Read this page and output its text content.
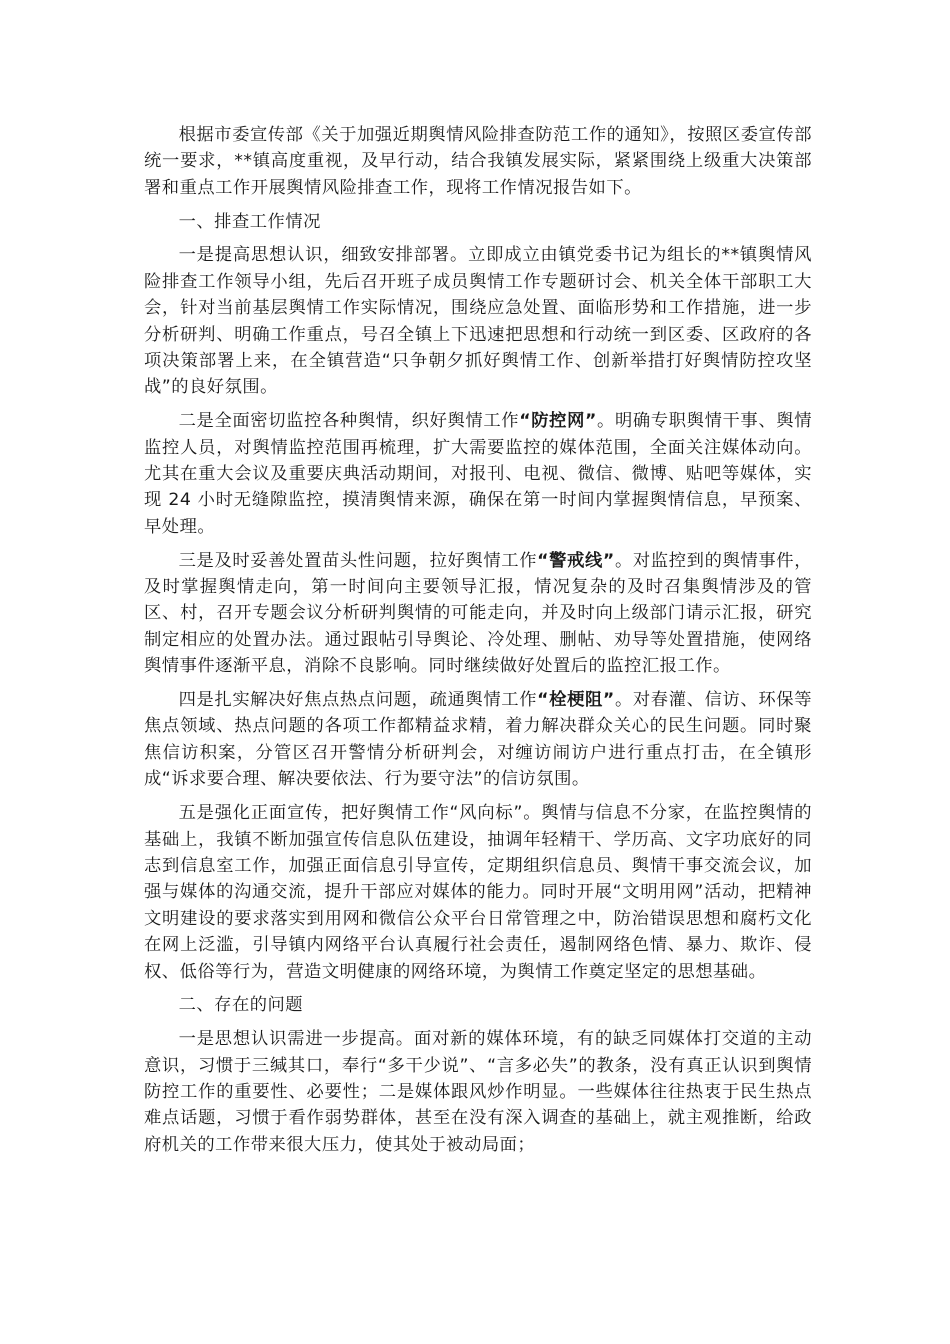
根据市委宣传部《关于加强近期舆情风险排查防范工作的通知》，按照区委宣传部统一要求，**镇高度重视，及早行动，结合我镇发展实际，紧紧围绕上级重大决策部署和重点工作开展舆情风险排查工作，现将工作情况报告如下。

一、排查工作情况

一是提高思想认识，细致安排部署。立即成立由镇党委书记为组长的**镇舆情风险排查工作领导小组，先后召开班子成员舆情工作专题研讨会、机关全体干部职工大会，针对当前基层舆情工作实际情况，围绕应急处置、面临形势和工作措施，进一步分析研判、明确工作重点，号召全镇上下迅速把思想和行动统一到区委、区政府的各项决策部署上来，在全镇营造“只争朝夕抓好舆情工作、创新举措打好舆情防控攻坚战”的良好氛围。

二是全面密切监控各种舆情，织好舆情工作“防控网”。明确专职舆情干事、舆情监控人员，对舆情监控范围再梳理，扩大需要监控的媒体范围，全面关注媒体动向。尤其在重大会议及重要庆典活动期间，对报刊、电视、微信、微博、贴吧等媒体，实现 24 小时无缝隙监控，摸清舆情来源，确保在第一时间内掌握舆情信息，早预案、早处理。

三是及时妥善处置苗头性问题，拉好舆情工作“警戒线”。对监控到的舆情事件，及时掌握舆情走向，第一时间向主要领导汇报，情况复杂的及时召集舆情涉及的管区、村，召开专题会议分析研判舆情的可能走向，并及时向上级部门请示汇报，研究制定相应的处置办法。通过跟帖引导舆论、冷处理、删帖、劝导等处置措施，使网络舆情事件逐渐平息，消除不良影响。同时继续做好处置后的监控汇报工作。

四是扎实解决好焦点热点问题，疏通舆情工作“栓梗阻”。对春灌、信访、环保等焦点领域、热点问题的各项工作都精益求精，着力解决群众关心的民生问题。同时聚焦信访积案，分管区召开警情分析研判会，对缠访闹访户进行重点打击，在全镇形成“诉求要合理、解决要依法、行为要守法”的信访氛围。

五是强化正面宣传，把好舆情工作“风向标”。舆情与信息不分家，在监控舆情的基础上，我镇不断加强宣传信息队伍建设，抽调年轻精干、学历高、文字功底好的同志到信息室工作，加强正面信息引导宣传，定期组织信息员、舆情干事交流会议，加强与媒体的沟通交流，提升干部应对媒体的能力。同时开展“文明用网”活动，把精神文明建设的要求落实到用网和微信公众平台日常管理之中，防治错误思想和腐朽文化在网上泛滥，引导镇内网络平台认真履行社会责任，遏制网络色情、暴力、欺诈、侵权、低俗等行为，营造文明健康的网络环境，为舆情工作奠定坚定的思想基础。

二、存在的问题

一是思想认识需进一步提高。面对新的媒体环境，有的缺乏同媒体打交道的主动意识，习惯于三缄其口，奉行“多干少说”、“言多必失”的教条，没有真正认识到舆情防控工作的重要性、必要性；二是媒体跟风炒作明显。一些媒体往往热衷于民生热点难点话题，习惯于看作弱势群体，甚至在没有深入调查的基础上，就主观推断，给政府机关的工作带来很大压力，使其处于被动局面；
